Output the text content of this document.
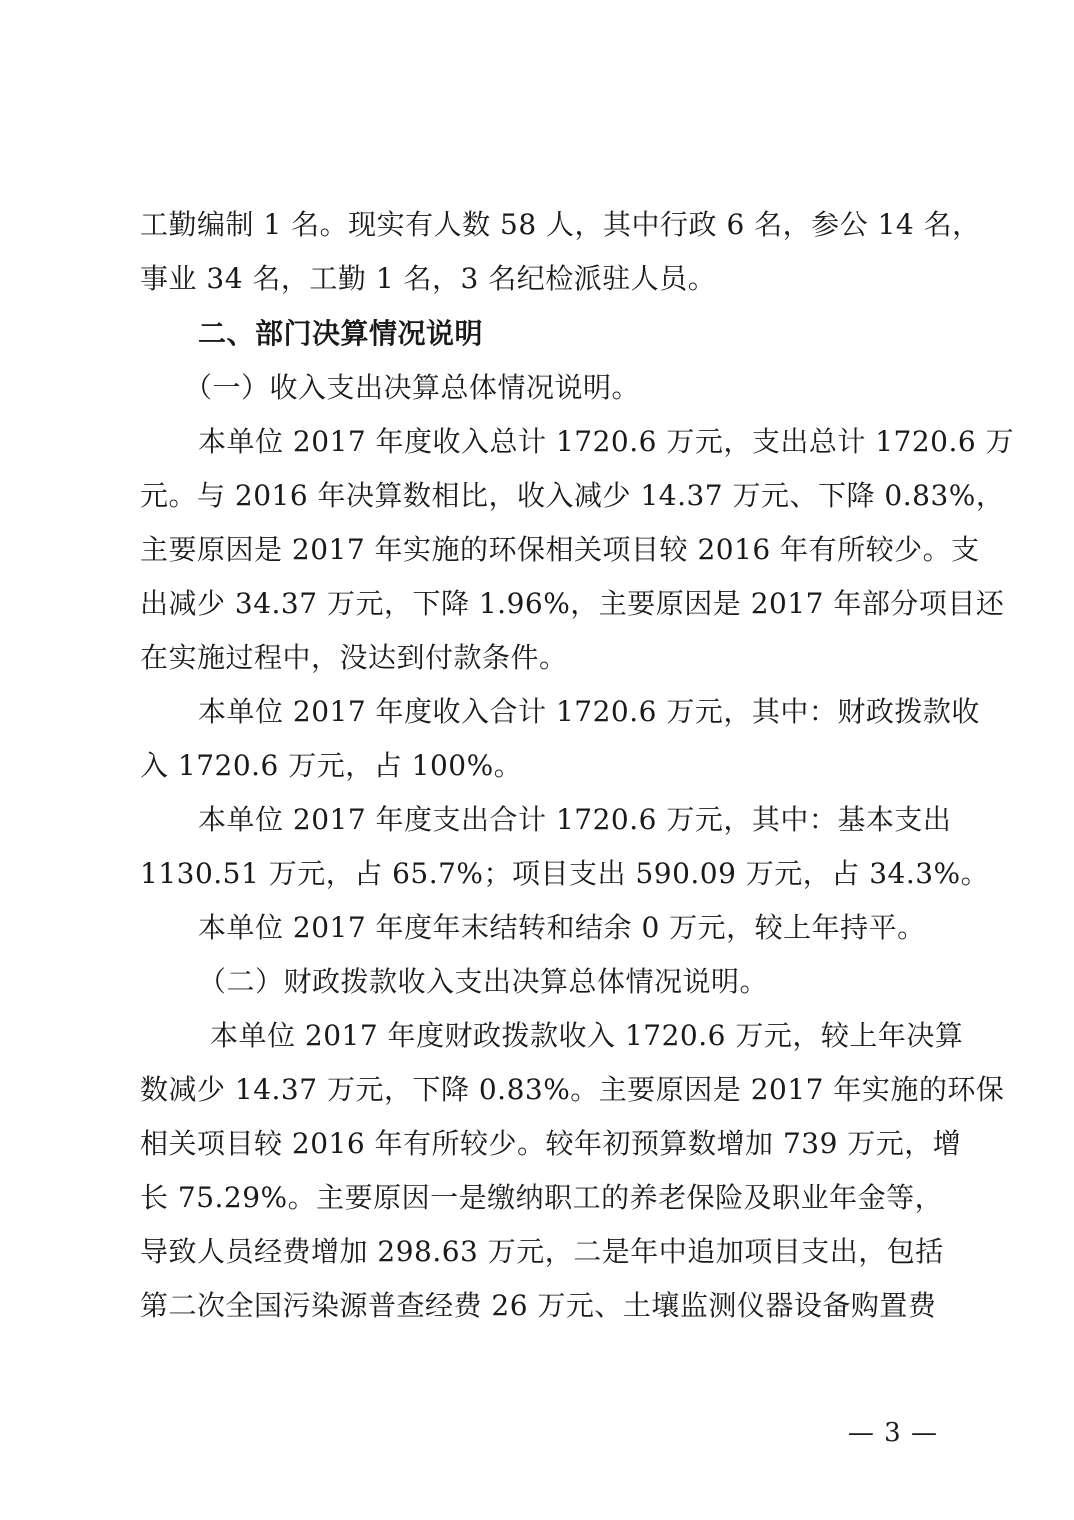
工勤编制 1 名。现实有人数 58 人，其中行政 6 名，参公 14 名，
事业 34 名，工勤 1 名，3 名纪检派驻人员。
二、部门决算情况说明
（一）收入支出决算总体情况说明。
本单位 2017 年度收入总计 1720.6 万元，支出总计 1720.6 万
元。与 2016 年决算数相比，收入减少 14.37 万元、下降 0.83%，
主要原因是 2017 年实施的环保相关项目较 2016 年有所较少。支
出减少 34.37 万元，下降 1.96%，主要原因是 2017 年部分项目还
在实施过程中，没达到付款条件。
本单位 2017 年度收入合计 1720.6 万元，其中：财政拨款收
入 1720.6 万元，占 100%。
本单位 2017 年度支出合计 1720.6 万元，其中：基本支出
1130.51 万元，占 65.7%；项目支出 590.09 万元，占 34.3%。
本单位 2017 年度年末结转和结余 0 万元，较上年持平。
（二）财政拨款收入支出决算总体情况说明。
本单位 2017 年度财政拨款收入 1720.6 万元，较上年决算
数减少 14.37 万元，下降 0.83%。主要原因是 2017 年实施的环保
相关项目较 2016 年有所较少。较年初预算数增加 739 万元，增
长 75.29%。主要原因一是缴纳职工的养老保险及职业年金等，
导致人员经费增加 298.63 万元，二是年中追加项目支出，包括
第二次全国污染源普查经费 26 万元、土壤监测仪器设备购置费
— 3 —
